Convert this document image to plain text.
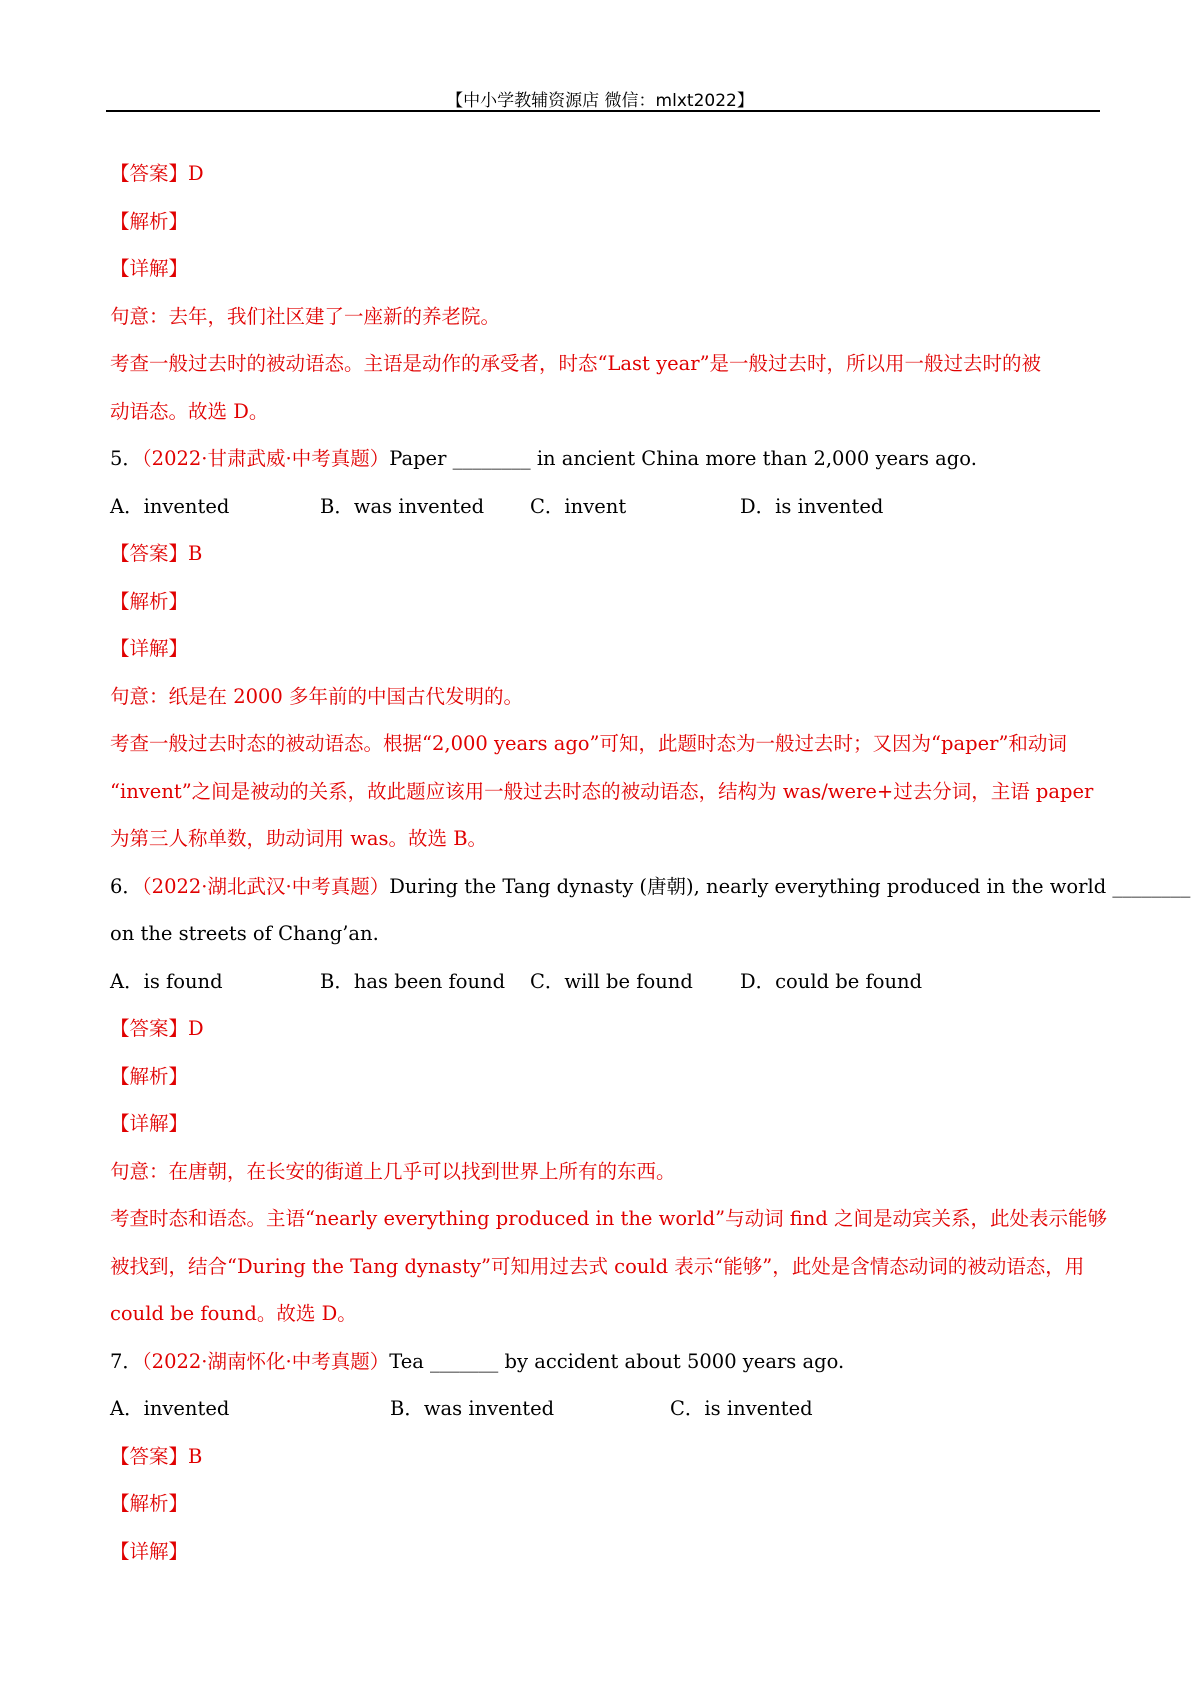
【中小学教辅资源店 微信：mlxt2022】
【答案】D
【解析】
【详解】
句意：去年，我们社区建了一座新的养老院。
考查一般过去时的被动语态。主语是动作的承受者，时态“Last year”是一般过去时，所以用一般过去时的被
动语态。故选 D。
5．（2022·甘肃武威·中考真题）Paper ________ in ancient China more than 2,000 years ago.
A．invented	B．was invented C．invent	D．is invented
【答案】B
【解析】
【详解】
句意：纸是在 2000 多年前的中国古代发明的。
考查一般过去时态的被动语态。根据“2,000 years ago”可知，此题时态为一般过去时；又因为“paper”和动词
“invent”之间是被动的关系，故此题应该用一般过去时态的被动语态，结构为 was/were+过去分词，主语 paper
为第三人称单数，助动词用 was。故选 B。
6．（2022·湖北武汉·中考真题）During the Tang dynasty (唐朝), nearly everything produced in the world ________
on the streets of Chang’an.
A．is found	B．has been found C．will be found D．could be found
【答案】D
【解析】
【详解】
句意：在唐朝，在长安的街道上几乎可以找到世界上所有的东西。
考查时态和语态。主语“nearly everything produced in the world”与动词 find 之间是动宾关系，此处表示能够
被找到，结合“During the Tang dynasty”可知用过去式 could 表示“能够”，此处是含情态动词的被动语态，用
could be found。故选 D。
7．（2022·湖南怀化·中考真题）Tea _______ by accident about 5000 years ago.
A．invented	B．was invented	C．is invented
【答案】B
【解析】
【详解】
